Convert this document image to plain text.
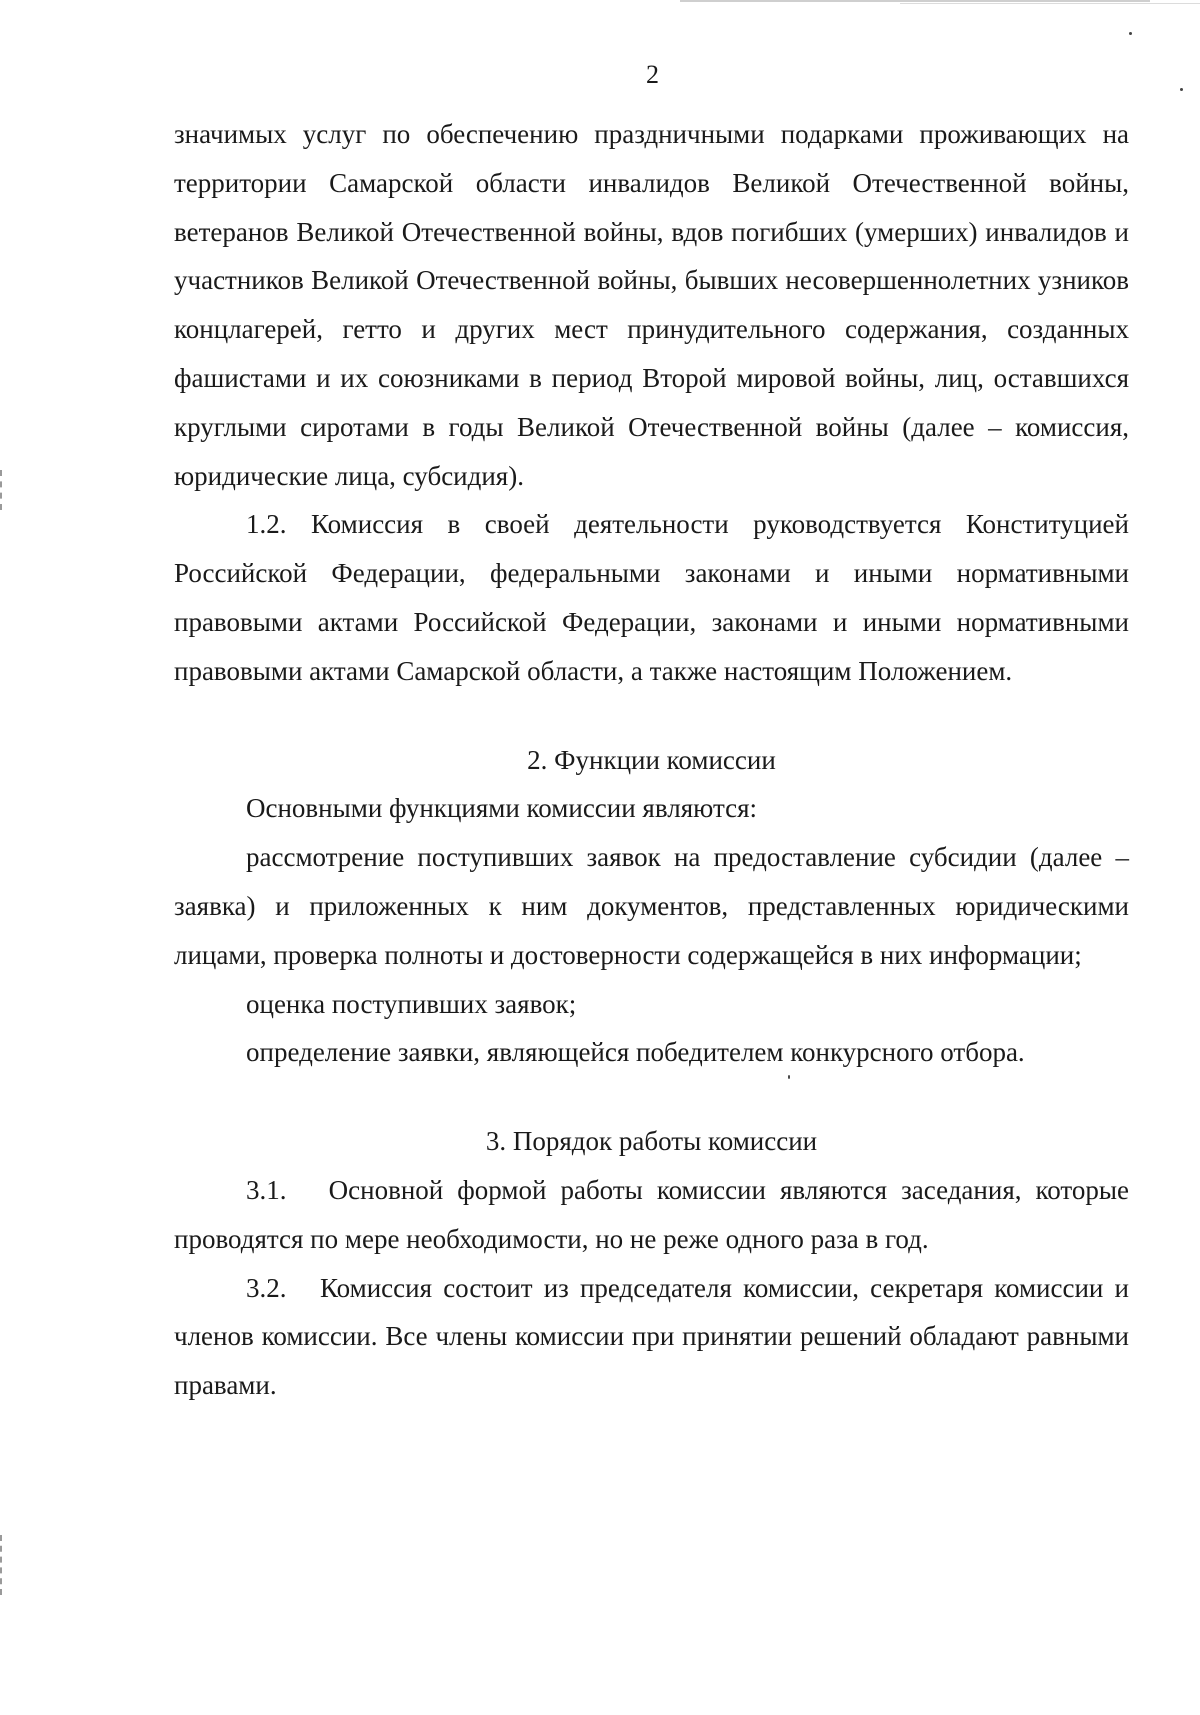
2

значимых услуг по обеспечению праздничными подарками проживающих на территории Самарской области инвалидов Великой Отечественной войны, ветеранов Великой Отечественной войны, вдов погибших (умерших) инвалидов и участников Великой Отечественной войны, бывших несовершеннолетних узников концлагерей, гетто и других мест принудительного содержания, созданных фашистами и их союзниками в период Второй мировой войны, лиц, оставшихся круглыми сиротами в годы Великой Отечественной войны (далее – комиссия, юридические лица, субсидия).

1.2. Комиссия в своей деятельности руководствуется Конституцией Российской Федерации, федеральными законами и иными нормативными правовыми актами Российской Федерации, законами и иными нормативными правовыми актами Самарской области, а также настоящим Положением.

2. Функции комиссии

Основными функциями комиссии являются:

рассмотрение поступивших заявок на предоставление субсидии (далее – заявка) и приложенных к ним документов, представленных юридическими лицами, проверка полноты и достоверности содержащейся в них информации;

оценка поступивших заявок;

определение заявки, являющейся победителем конкурсного отбора.

3. Порядок работы комиссии

3.1.   Основной формой работы комиссии являются заседания, которые проводятся по мере необходимости, но не реже одного раза в год.

3.2.   Комиссия состоит из председателя комиссии, секретаря комиссии и членов комиссии. Все члены комиссии при принятии решений обладают равными правами.
